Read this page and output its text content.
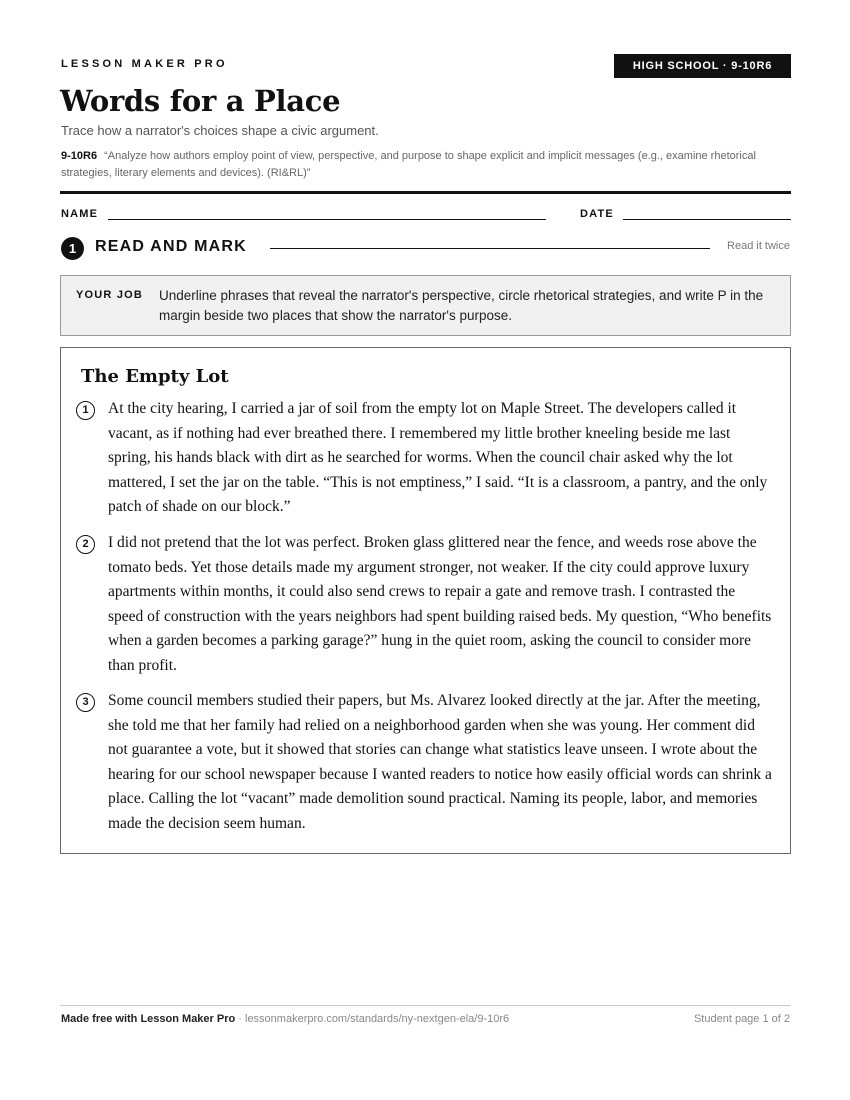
LESSON MAKER PRO	HIGH SCHOOL · 9-10R6
Words for a Place
Trace how a narrator's choices shape a civic argument.
9-10R6 “Analyze how authors employ point of view, perspective, and purpose to shape explicit and implicit messages (e.g., examine rhetorical strategies, literary elements and devices). (RI&RL)”
NAME	DATE
1	READ AND MARK	Read it twice
YOUR JOB Underline phrases that reveal the narrator's perspective, circle rhetorical strategies, and write P in the margin beside two places that show the narrator's purpose.
The Empty Lot
1	At the city hearing, I carried a jar of soil from the empty lot on Maple Street. The developers called it vacant, as if nothing had ever breathed there. I remembered my little brother kneeling beside me last spring, his hands black with dirt as he searched for worms. When the council chair asked why the lot mattered, I set the jar on the table. “This is not emptiness,” I said. “It is a classroom, a pantry, and the only patch of shade on our block.”
2	I did not pretend that the lot was perfect. Broken glass glittered near the fence, and weeds rose above the tomato beds. Yet those details made my argument stronger, not weaker. If the city could approve luxury apartments within months, it could also send crews to repair a gate and remove trash. I contrasted the speed of construction with the years neighbors had spent building raised beds. My question, “Who benefits when a garden becomes a parking garage?” hung in the quiet room, asking the council to consider more than profit.
3	Some council members studied their papers, but Ms. Alvarez looked directly at the jar. After the meeting, she told me that her family had relied on a neighborhood garden when she was young. Her comment did not guarantee a vote, but it showed that stories can change what statistics leave unseen. I wrote about the hearing for our school newspaper because I wanted readers to notice how easily official words can shrink a place. Calling the lot “vacant” made demolition sound practical. Naming its people, labor, and memories made the decision seem human.
Made free with Lesson Maker Pro · lessonmakerpro.com/standards/ny-nextgen-ela/9-10r6	Student page 1 of 2
